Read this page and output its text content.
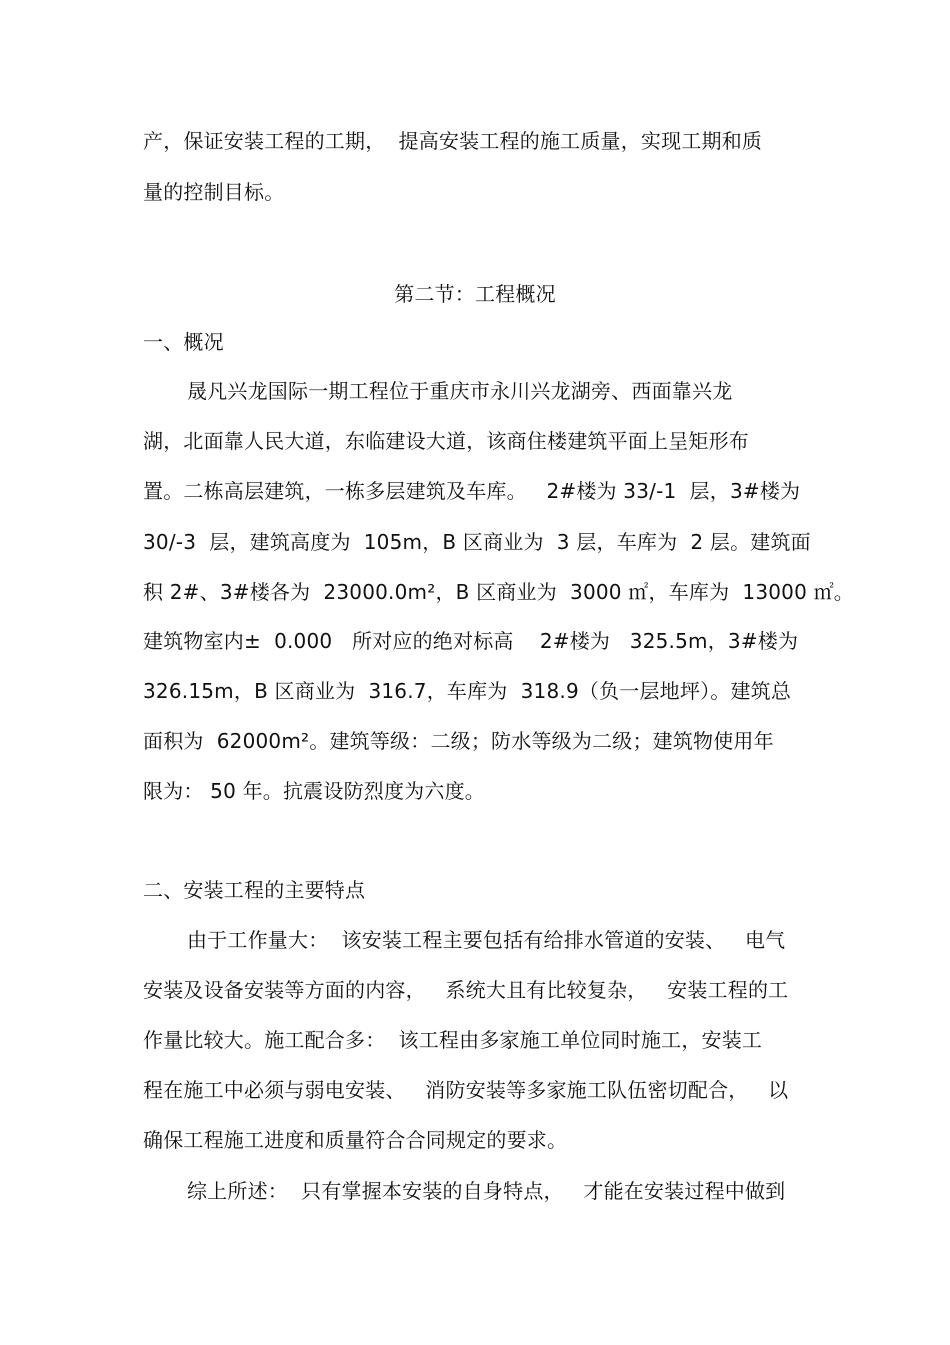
产，保证安装工程的工期，  提高安装工程的施工质量，实现工期和质
量的控制目标。
第二节：工程概况
一、概况
晟凡兴龙国际一期工程位于重庆市永川兴龙湖旁、西面靠兴龙
湖，北面靠人民大道，东临建设大道，该商住楼建筑平面上呈矩形布
置。二栋高层建筑，一栋多层建筑及车库。   2#楼为 33/-1  层，3#楼为
30/-3  层，建筑高度为  105m，B 区商业为  3 层，车库为  2 层。建筑面
积 2#、3#楼各为  23000.0m²，B 区商业为  3000 ㎡，车库为  13000 ㎡。
建筑物室内±  0.000   所对应的绝对标高    2#楼为   325.5m，3#楼为
326.15m，B 区商业为  316.7，车库为  318.9（负一层地坪）。建筑总
面积为  62000m²。建筑等级：二级；防水等级为二级；建筑物使用年
限为： 50 年。抗震设防烈度为六度。
二、安装工程的主要特点
由于工作量大：  该安装工程主要包括有给排水管道的安装、   电气
安装及设备安装等方面的内容，   系统大且有比较复杂，   安装工程的工
作量比较大。施工配合多：  该工程由多家施工单位同时施工，安装工
程在施工中必须与弱电安装、   消防安装等多家施工队伍密切配合，   以
确保工程施工进度和质量符合合同规定的要求。
综上所述：  只有掌握本安装的自身特点，   才能在安装过程中做到
